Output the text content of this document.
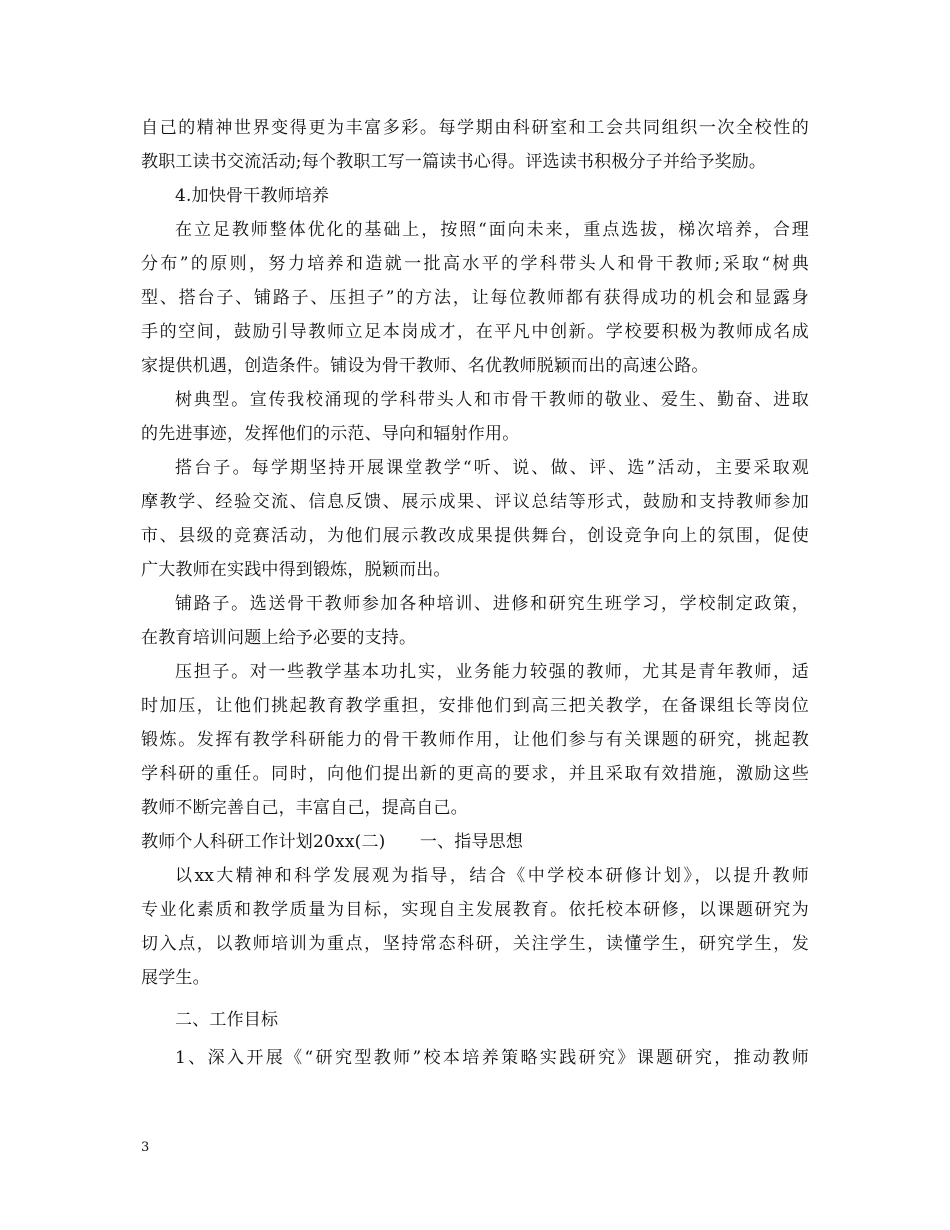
自己的精神世界变得更为丰富多彩。每学期由科研室和工会共同组织一次全校性的
教职工读书交流活动;每个教职工写一篇读书心得。评选读书积极分子并给予奖励。
4.加快骨干教师培养
在立足教师整体优化的基础上，按照“面向未来，重点选拔，梯次培养，合理
分布”的原则，努力培养和造就一批高水平的学科带头人和骨干教师;采取“树典
型、搭台子、铺路子、压担子”的方法，让每位教师都有获得成功的机会和显露身
手的空间，鼓励引导教师立足本岗成才，在平凡中创新。学校要积极为教师成名成
家提供机遇，创造条件。铺设为骨干教师、名优教师脱颖而出的高速公路。
树典型。宣传我校涌现的学科带头人和市骨干教师的敬业、爱生、勤奋、进取
的先进事迹，发挥他们的示范、导向和辐射作用。
搭台子。每学期坚持开展课堂教学“听、说、做、评、选”活动，主要采取观
摩教学、经验交流、信息反馈、展示成果、评议总结等形式，鼓励和支持教师参加
市、县级的竞赛活动，为他们展示教改成果提供舞台，创设竞争向上的氛围，促使
广大教师在实践中得到锻炼，脱颖而出。
铺路子。选送骨干教师参加各种培训、进修和研究生班学习，学校制定政策，
在教育培训问题上给予必要的支持。
压担子。对一些教学基本功扎实，业务能力较强的教师，尤其是青年教师，适
时加压，让他们挑起教育教学重担，安排他们到高三把关教学，在备课组长等岗位
锻炼。发挥有教学科研能力的骨干教师作用，让他们参与有关课题的研究，挑起教
学科研的重任。同时，向他们提出新的更高的要求，并且采取有效措施，激励这些
教师不断完善自己，丰富自己，提高自己。
教师个人科研工作计划20xx(二)　　一、指导思想
以xx大精神和科学发展观为指导，结合《中学校本研修计划》，以提升教师
专业化素质和教学质量为目标，实现自主发展教育。依托校本研修，以课题研究为
切入点，以教师培训为重点，坚持常态科研，关注学生，读懂学生，研究学生，发
展学生。
二、工作目标
1、深入开展《“研究型教师”校本培养策略实践研究》课题研究，推动教师
3
